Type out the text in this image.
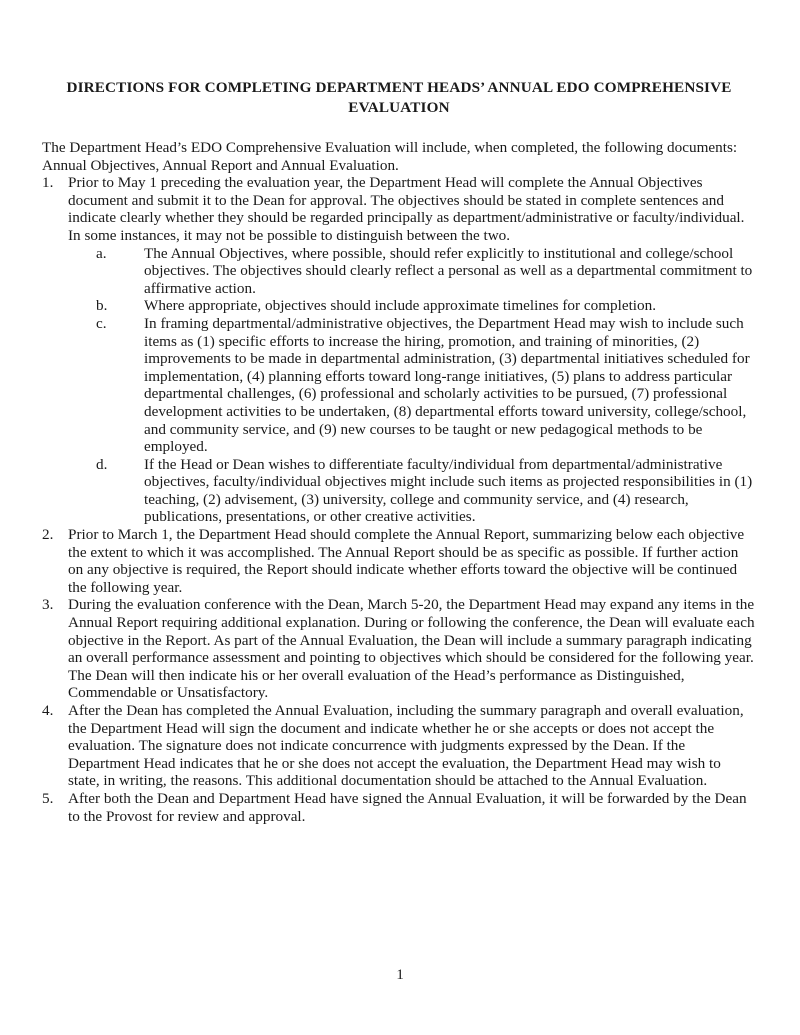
DIRECTIONS FOR COMPLETING DEPARTMENT HEADS’ ANNUAL EDO COMPREHENSIVE EVALUATION

The Department Head’s EDO Comprehensive Evaluation will include, when completed, the following documents: Annual Objectives, Annual Report and Annual Evaluation.

1. Prior to May 1 preceding the evaluation year, the Department Head will complete the Annual Objectives document and submit it to the Dean for approval. The objectives should be stated in complete sentences and indicate clearly whether they should be regarded principally as department/administrative or faculty/individual. In some instances, it may not be possible to distinguish between the two.
a.	The Annual Objectives, where possible, should refer explicitly to institutional and college/school objectives. The objectives should clearly reflect a personal as well as a departmental commitment to affirmative action.
b.	Where appropriate, objectives should include approximate timelines for completion.
c.	In framing departmental/administrative objectives, the Department Head may wish to include such items as (1) specific efforts to increase the hiring, promotion, and training of minorities, (2) improvements to be made in departmental administration, (3) departmental initiatives scheduled for implementation, (4) planning efforts toward long-range initiatives, (5) plans to address particular departmental challenges, (6) professional and scholarly activities to be pursued, (7) professional development activities to be undertaken, (8) departmental efforts toward university, college/school, and community service, and (9) new courses to be taught or new pedagogical methods to be employed.
d.	If the Head or Dean wishes to differentiate faculty/individual from departmental/administrative objectives, faculty/individual objectives might include such items as projected responsibilities in (1) teaching, (2) advisement, (3) university, college and community service, and (4) research, publications, presentations, or other creative activities.
2. Prior to March 1, the Department Head should complete the Annual Report, summarizing below each objective the extent to which it was accomplished. The Annual Report should be as specific as possible. If further action on any objective is required, the Report should indicate whether efforts toward the objective will be continued the following year.
3. During the evaluation conference with the Dean, March 5-20, the Department Head may expand any items in the Annual Report requiring additional explanation. During or following the conference, the Dean will evaluate each objective in the Report. As part of the Annual Evaluation, the Dean will include a summary paragraph indicating an overall performance assessment and pointing to objectives which should be considered for the following year. The Dean will then indicate his or her overall evaluation of the Head’s performance as Distinguished, Commendable or Unsatisfactory.
4. After the Dean has completed the Annual Evaluation, including the summary paragraph and overall evaluation, the Department Head will sign the document and indicate whether he or she accepts or does not accept the evaluation. The signature does not indicate concurrence with judgments expressed by the Dean. If the Department Head indicates that he or she does not accept the evaluation, the Department Head may wish to state, in writing, the reasons. This additional documentation should be attached to the Annual Evaluation.
5. After both the Dean and Department Head have signed the Annual Evaluation, it will be forwarded by the Dean to the Provost for review and approval.
1
